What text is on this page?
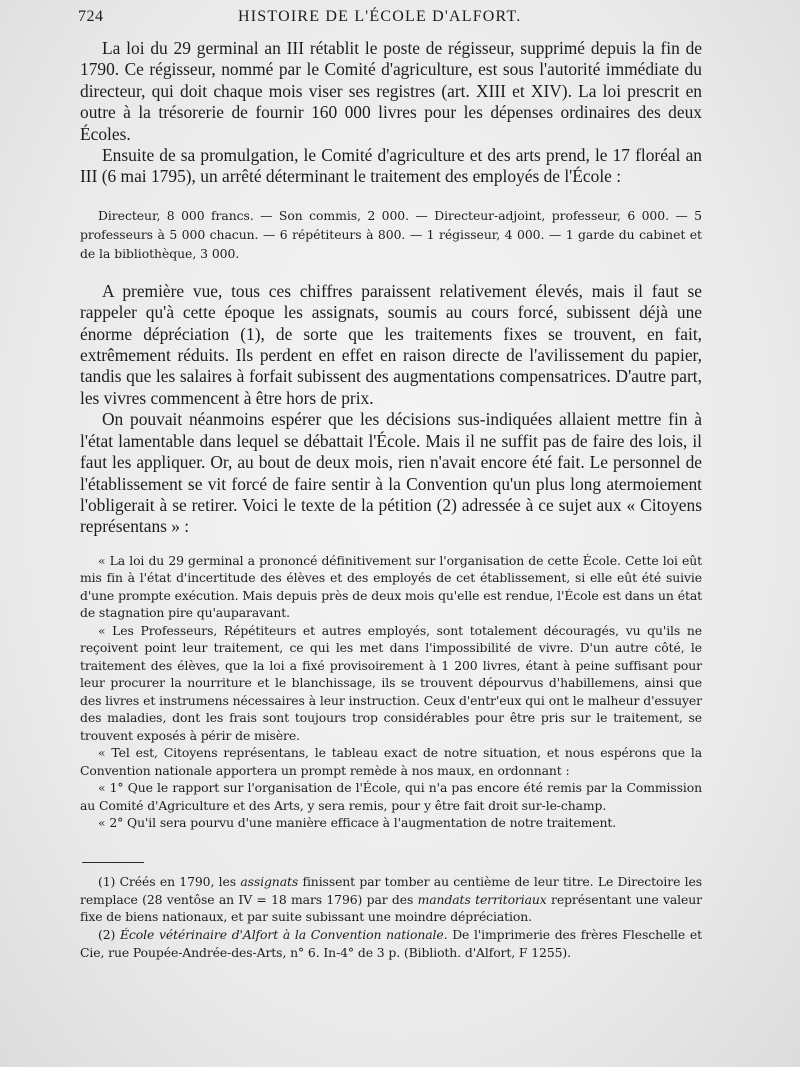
724	HISTOIRE DE L'ÉCOLE D'ALFORT.

La loi du 29 germinal an III rétablit le poste de régisseur, supprimé depuis la fin de 1790. Ce régisseur, nommé par le Comité d'agriculture, est sous l'autorité immédiate du directeur, qui doit chaque mois viser ses registres (art. XIII et XIV). La loi prescrit en outre à la trésorerie de fournir 160 000 livres pour les dépenses ordinaires des deux Écoles.

Ensuite de sa promulgation, le Comité d'agriculture et des arts prend, le 17 floréal an III (6 mai 1795), un arrêté déterminant le traitement des employés de l'École :

Directeur, 8 000 francs. — Son commis, 2 000. — Directeur-adjoint, professeur, 6 000. — 5 professeurs à 5 000 chacun. — 6 répétiteurs à 800. — 1 régisseur, 4 000. — 1 garde du cabinet et de la bibliothèque, 3 000.

A première vue, tous ces chiffres paraissent relativement élevés, mais il faut se rappeler qu'à cette époque les assignats, soumis au cours forcé, subissent déjà une énorme dépréciation (1), de sorte que les traitements fixes se trouvent, en fait, extrêmement réduits. Ils perdent en effet en raison directe de l'avilissement du papier, tandis que les salaires à forfait subissent des augmentations compensatrices. D'autre part, les vivres commencent à être hors de prix.

On pouvait néanmoins espérer que les décisions sus-indiquées allaient mettre fin à l'état lamentable dans lequel se débattait l'École. Mais il ne suffit pas de faire des lois, il faut les appliquer. Or, au bout de deux mois, rien n'avait encore été fait. Le personnel de l'établissement se vit forcé de faire sentir à la Convention qu'un plus long atermoiement l'obligerait à se retirer. Voici le texte de la pétition (2) adressée à ce sujet aux « Citoyens représentans » :

« La loi du 29 germinal a prononcé définitivement sur l'organisation de cette École. Cette loi eût mis fin à l'état d'incertitude des élèves et des employés de cet établissement, si elle eût été suivie d'une prompte exécution. Mais depuis près de deux mois qu'elle est rendue, l'École est dans un état de stagnation pire qu'auparavant.

« Les Professeurs, Répétiteurs et autres employés, sont totalement découragés, vu qu'ils ne reçoivent point leur traitement, ce qui les met dans l'impossibilité de vivre. D'un autre côté, le traitement des élèves, que la loi a fixé provisoirement à 1 200 livres, étant à peine suffisant pour leur procurer la nourriture et le blanchissage, ils se trouvent dépourvus d'habillemens, ainsi que des livres et instrumens nécessaires à leur instruction. Ceux d'entr'eux qui ont le malheur d'essuyer des maladies, dont les frais sont toujours trop considérables pour être pris sur le traitement, se trouvent exposés à périr de misère.

« Tel est, Citoyens représentans, le tableau exact de notre situation, et nous espérons que la Convention nationale apportera un prompt remède à nos maux, en ordonnant :

« 1° Que le rapport sur l'organisation de l'École, qui n'a pas encore été remis par la Commission au Comité d'Agriculture et des Arts, y sera remis, pour y être fait droit sur-le-champ.

« 2° Qu'il sera pourvu d'une manière efficace à l'augmentation de notre traitement.

(1) Créés en 1790, les assignats finissent par tomber au centième de leur titre. Le Directoire les remplace (28 ventôse an IV = 18 mars 1796) par des mandats territoriaux représentant une valeur fixe de biens nationaux, et par suite subissant une moindre dépréciation.

(2) École vétérinaire d'Alfort à la Convention nationale. De l'imprimerie des frères Fleschelle et Cie, rue Poupée-Andrée-des-Arts, n° 6. In-4° de 3 p. (Biblioth. d'Alfort, F 1255).
